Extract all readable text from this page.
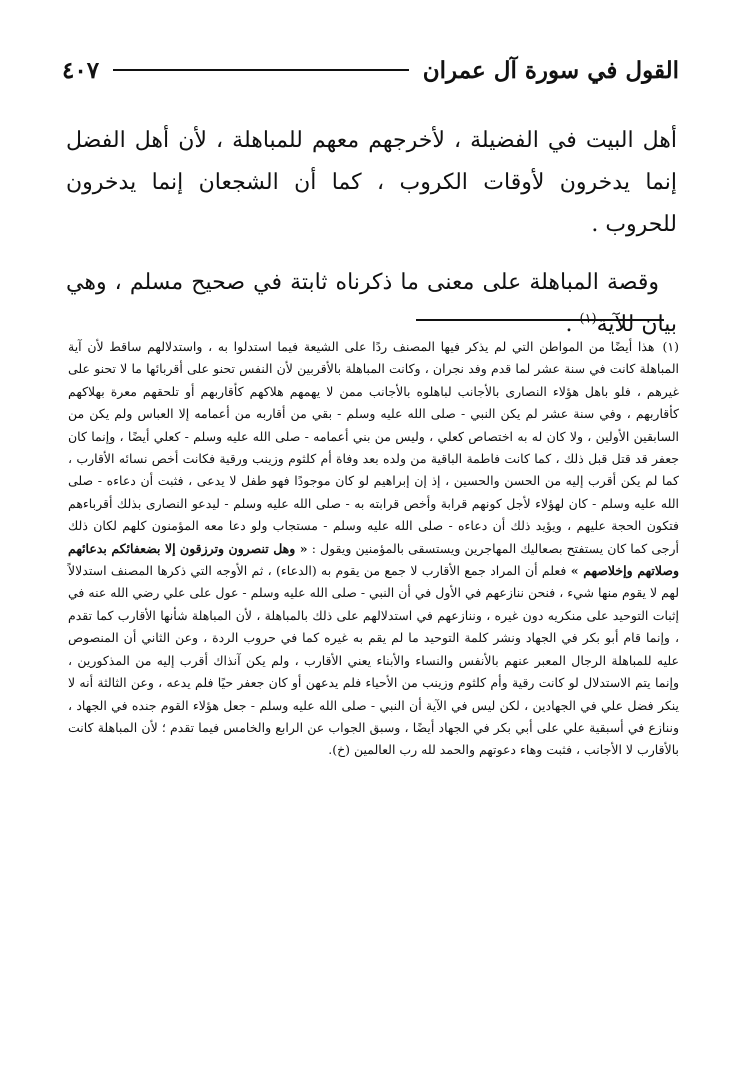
القول في سورة آل عمران
٤٠٧

أهل البيت في الفضيلة ، لأخرجهم معهم للمباهلة ، لأن أهل الفضل إنما يدخرون لأوقات الكروب ، كما أن الشجعان إنما يدخرون للحروب .

وقصة المباهلة على معنى ما ذكرناه ثابتة في صحيح مسلم ، وهي بيان للآية$^{(١)}$ .

(١)هذا أيضًا من المواطن التي لم يذكر فيها المصنف ردًا على الشيعة فيما استدلوا به ، واستدلالهم ساقط لأن آية المباهلة كانت في سنة عشر لما قدم وفد نجران ، وكانت المباهلة بالأقربين لأن النفس تحنو على أقربائها ما لا تحنو على غيرهم ، فلو باهل هؤلاء النصارى بالأجانب لباهلوه بالأجانب ممن لا يهمهم هلاكهم كأقاربهم أو تلحقهم معرة بهلاكهم كأقاربهم ، وفي سنة عشر لم يكن النبي - صلى الله عليه وسلم - بقي من أقاربه من أعمامه إلا العباس ولم يكن من السابقين الأولين ، ولا كان له به اختصاص كعلي ، وليس من بني أعمامه - صلى الله عليه وسلم - كعلي أيضًا ، وإنما كان جعفر قد قتل قبل ذلك ، كما كانت فاطمة الباقية من ولده بعد وفاة أم كلثوم وزينب ورقية فكانت أخص نسائه الأقارب ، كما لم يكن أقرب إليه من الحسن والحسين ، إذ إن إبراهيم لو كان موجودًا فهو طفل لا يدعى ، فثبت أن دعاءه - صلى الله عليه وسلم - كان لهؤلاء لأجل كونهم قرابة وأخص قرابته به - صلى الله عليه وسلم - ليدعو النصارى بذلك أقرباءهم فتكون الحجة عليهم ، ويؤيد ذلك أن دعاءه - صلى الله عليه وسلم - مستجاب ولو دعا معه المؤمنون كلهم لكان ذلك أرجى كما كان يستفتح بصعاليك المهاجرين ويستسقى بالمؤمنين ويقول : « وهل تنصرون وترزقون إلا بضعفائكم بدعائهم وصلاتهم وإخلاصهم » فعلم أن المراد جمع الأقارب لا جمع من يقوم به (الدعاء) ، ثم الأوجه التي ذكرها المصنف استدلالاً لهم لا يقوم منها شيء ، فنحن ننازعهم في الأول في أن النبي - صلى الله عليه وسلم - عول على علي رضي الله عنه في إثبات التوحيد على منكريه دون غيره ، وننازعهم في استدلالهم على ذلك بالمباهلة ، لأن المباهلة شأنها الأقارب كما تقدم ، وإنما قام أبو بكر في الجهاد ونشر كلمة التوحيد ما لم يقم به غيره كما في حروب الردة ، وعن الثاني أن المنصوص عليه للمباهلة الرجال المعبر عنهم بالأنفس والنساء والأبناء يعني الأقارب ، ولم يكن آنذاك أقرب إليه من المذكورين ، وإنما يتم الاستدلال لو كانت رقية وأم كلثوم وزينب من الأحياء فلم يدعهن أو كان جعفر حيًا فلم يدعه ، وعن الثالثة أنه لا ينكر فضل علي في الجهادين ، لكن ليس في الآية أن النبي - صلى الله عليه وسلم - جعل هؤلاء القوم جنده في الجهاد ، وننازع في أسبقية علي على أبي بكر في الجهاد أيضًا ، وسبق الجواب عن الرابع والخامس فيما تقدم ؛ لأن المباهلة كانت بالأقارب لا الأجانب ، فثبت وهاء دعوتهم والحمد لله رب العالمين (خ).
